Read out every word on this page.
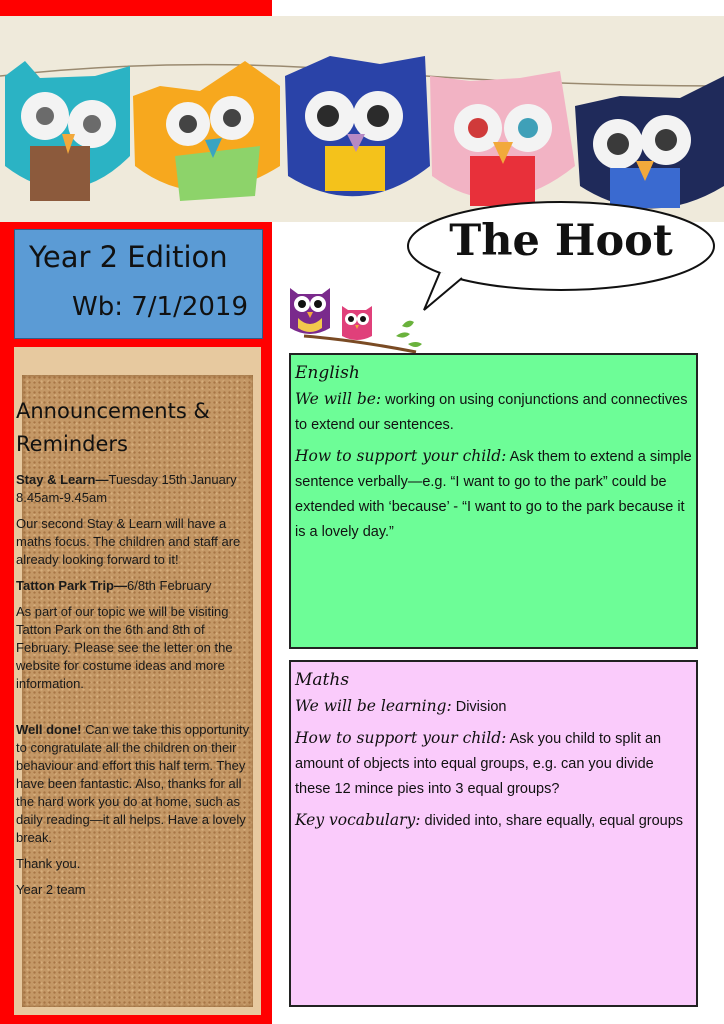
Year 2 Edition
Wb: 7/1/2019
Announcements & Reminders

Stay & Learn—Tuesday 15th January 8.45am-9.45am

Our second Stay & Learn will have a maths focus. The children and staff are already looking forward to it!

Tatton Park Trip—6/8th February

As part of our topic we will be visiting Tatton Park on the 6th and 8th of February. Please see the letter on the website for costume ideas and more information.

Well done! Can we take this opportunity to congratulate all the children on their behaviour and effort this half term. They have been fantastic. Also, thanks for all the hard work you do at home, such as daily reading—it all helps. Have a lovely break.

Thank you.

Year 2 team

The Hoot
English

We will be: working on using conjunctions and connectives to extend our sentences.

How to support your child: Ask them to extend a simple sentence verbally—e.g. “I want to go to the park” could be extended with ‘because’ - “I want to go to the park because it is a lovely day.”

Maths

We will be learning: Division

How to support your child: Ask you child to split an amount of objects into equal groups, e.g. can you divide these 12 mince pies into 3 equal groups?

Key vocabulary: divided into, share equally, equal groups
